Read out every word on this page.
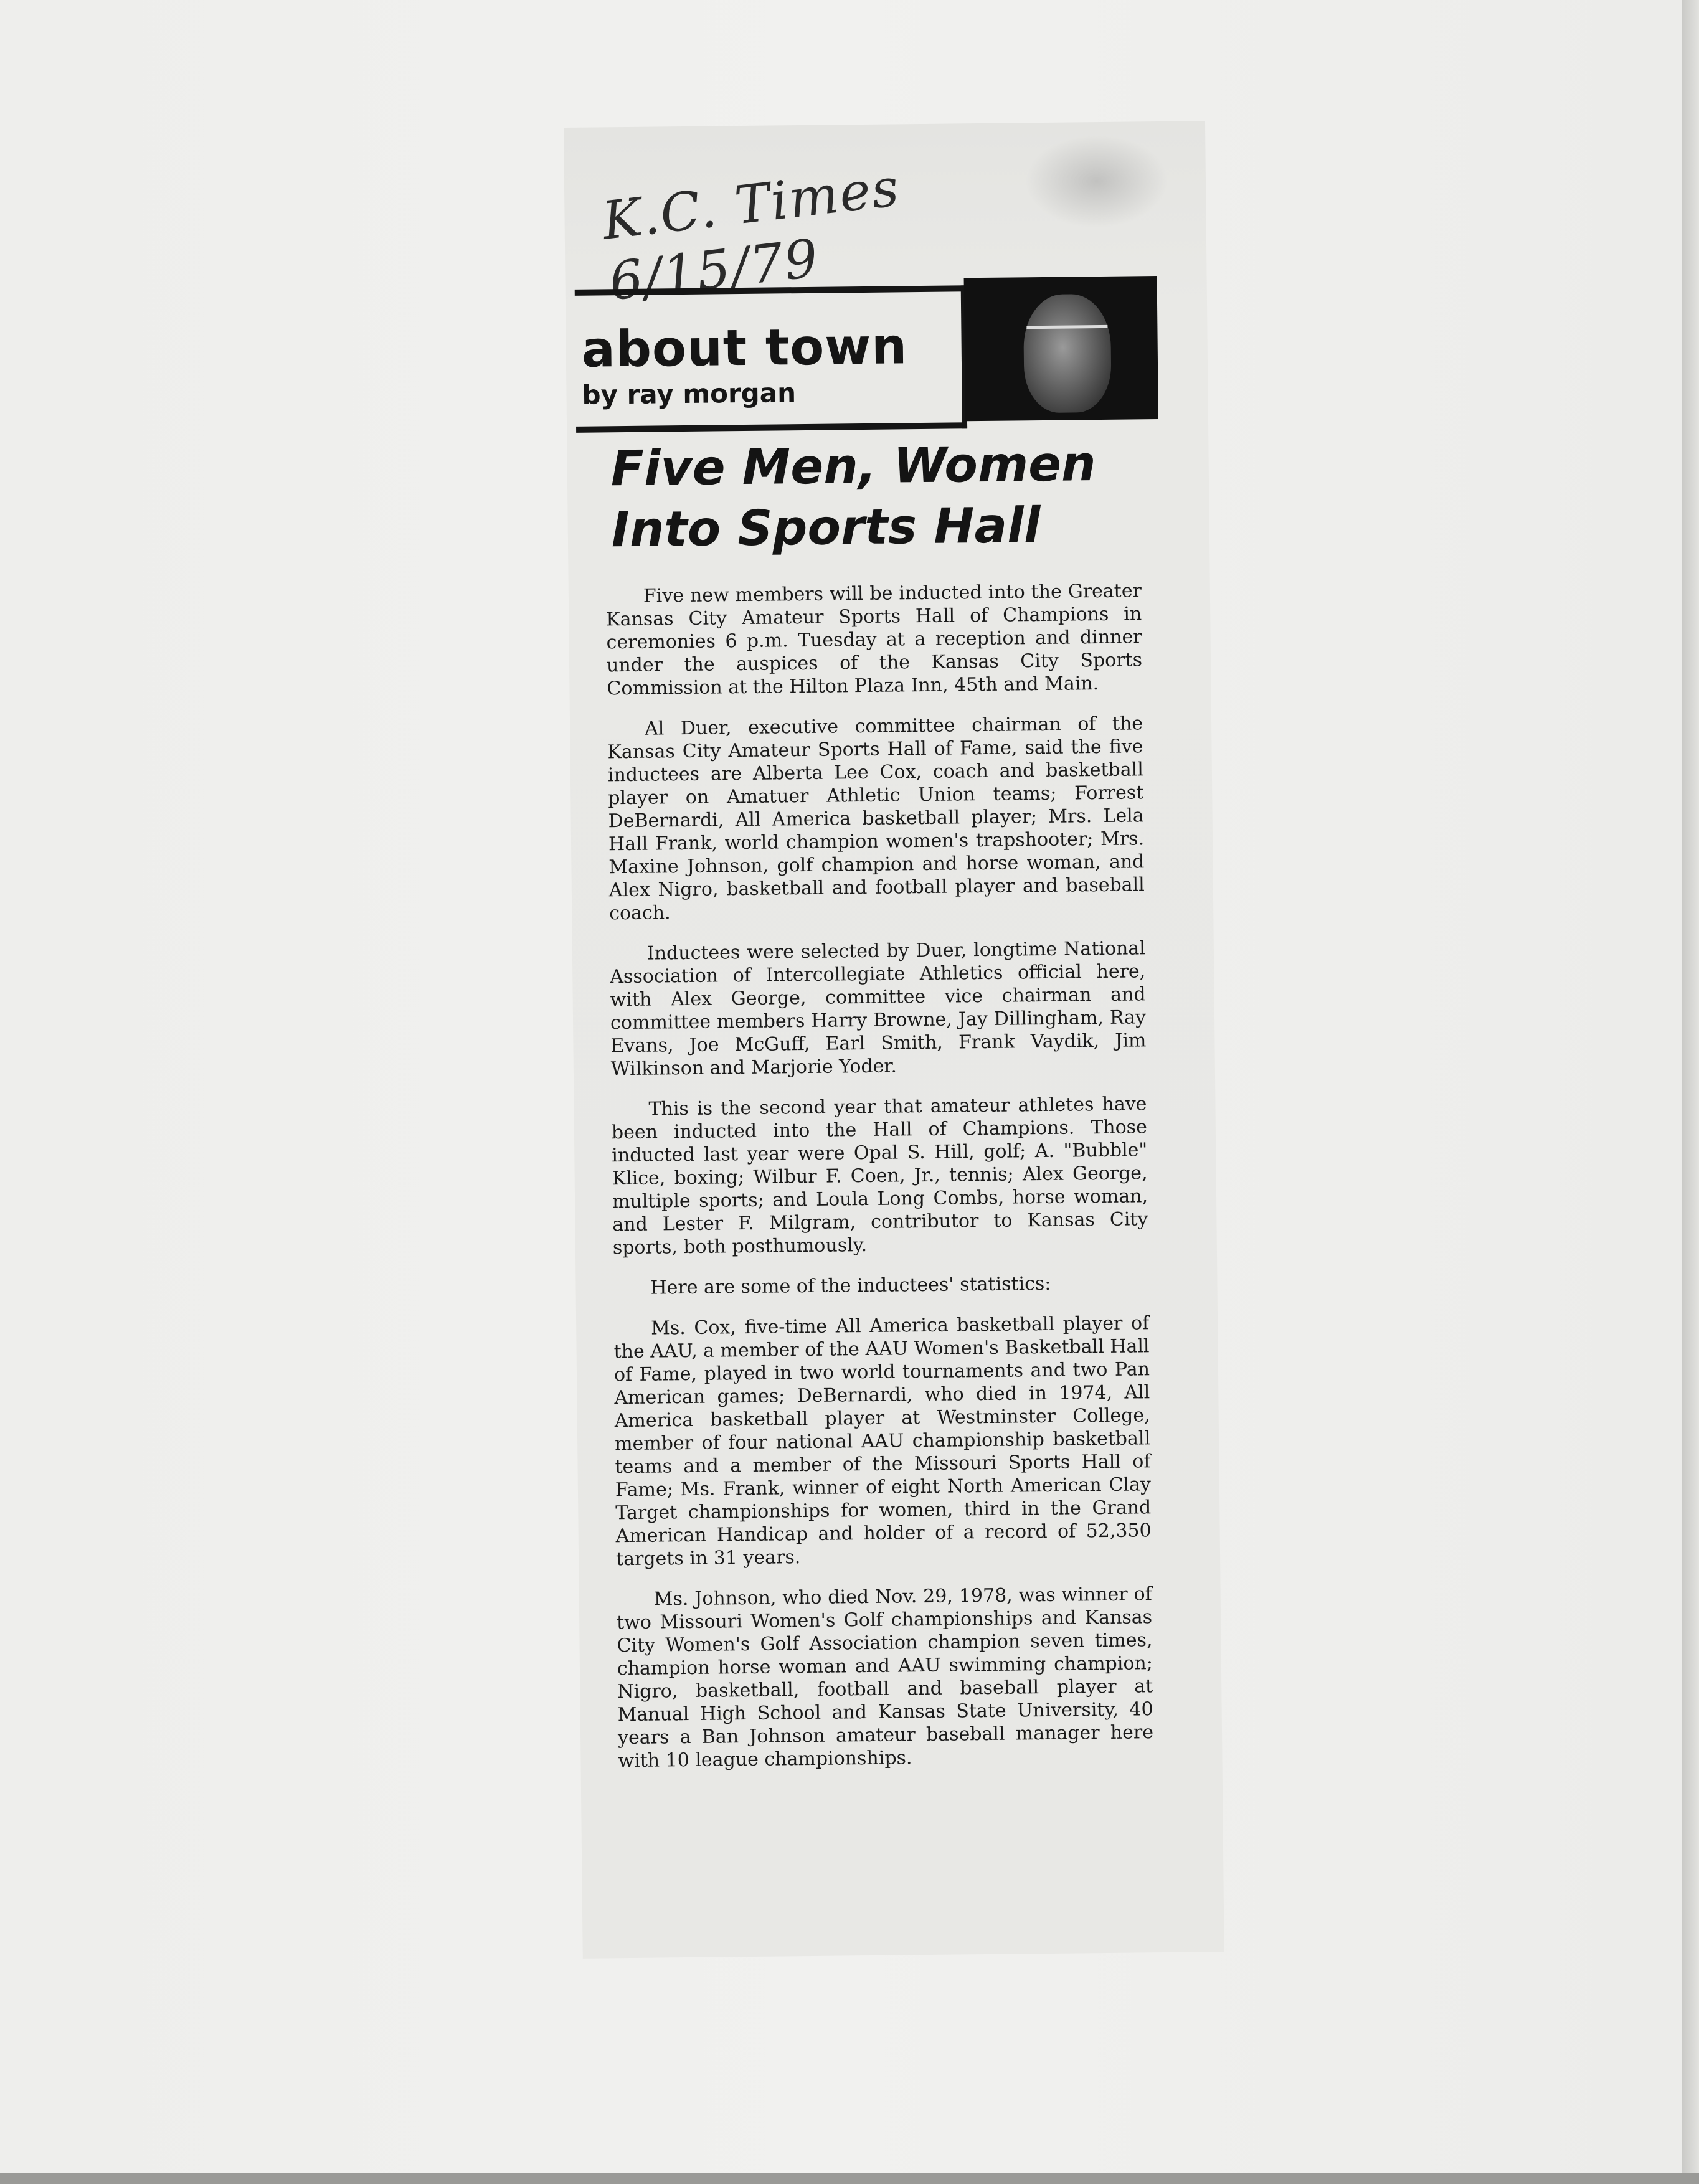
K.C. Times 6/15/79
about town
by ray morgan
Five Men, Women
Into Sports Hall

Five new members will be inducted into the Greater Kansas City Amateur Sports Hall of Champions in ceremonies 6 p.m. Tuesday at a reception and dinner under the auspices of the Kansas City Sports Commission at the Hilton Plaza Inn, 45th and Main.

Al Duer, executive committee chairman of the Kansas City Amateur Sports Hall of Fame, said the five inductees are Alberta Lee Cox, coach and basketball player on Amatuer Athletic Union teams; Forrest DeBernardi, All America basketball player; Mrs. Lela Hall Frank, world champion women's trapshooter; Mrs. Maxine Johnson, golf champion and horse woman, and Alex Nigro, basketball and football player and baseball coach.

Inductees were selected by Duer, longtime National Association of Intercollegiate Athletics official here, with Alex George, committee vice chairman and committee members Harry Browne, Jay Dillingham, Ray Evans, Joe McGuff, Earl Smith, Frank Vaydik, Jim Wilkinson and Marjorie Yoder.

This is the second year that amateur athletes have been inducted into the Hall of Champions. Those inducted last year were Opal S. Hill, golf; A. "Bubble" Klice, boxing; Wilbur F. Coen, Jr., tennis; Alex George, multiple sports; and Loula Long Combs, horse woman, and Lester F. Milgram, contributor to Kansas City sports, both posthumously.

Here are some of the inductees' statistics:

Ms. Cox, five-time All America basketball player of the AAU, a member of the AAU Women's Basketball Hall of Fame, played in two world tournaments and two Pan American games; DeBernardi, who died in 1974, All America basketball player at Westminster College, member of four national AAU championship basketball teams and a member of the Missouri Sports Hall of Fame; Ms. Frank, winner of eight North American Clay Target championships for women, third in the Grand American Handicap and holder of a record of 52,350 targets in 31 years.

Ms. Johnson, who died Nov. 29, 1978, was winner of two Missouri Women's Golf championships and Kansas City Women's Golf Association champion seven times, champion horse woman and AAU swimming champion; Nigro, basketball, football and baseball player at Manual High School and Kansas State University, 40 years a Ban Johnson amateur baseball manager here with 10 league championships.
